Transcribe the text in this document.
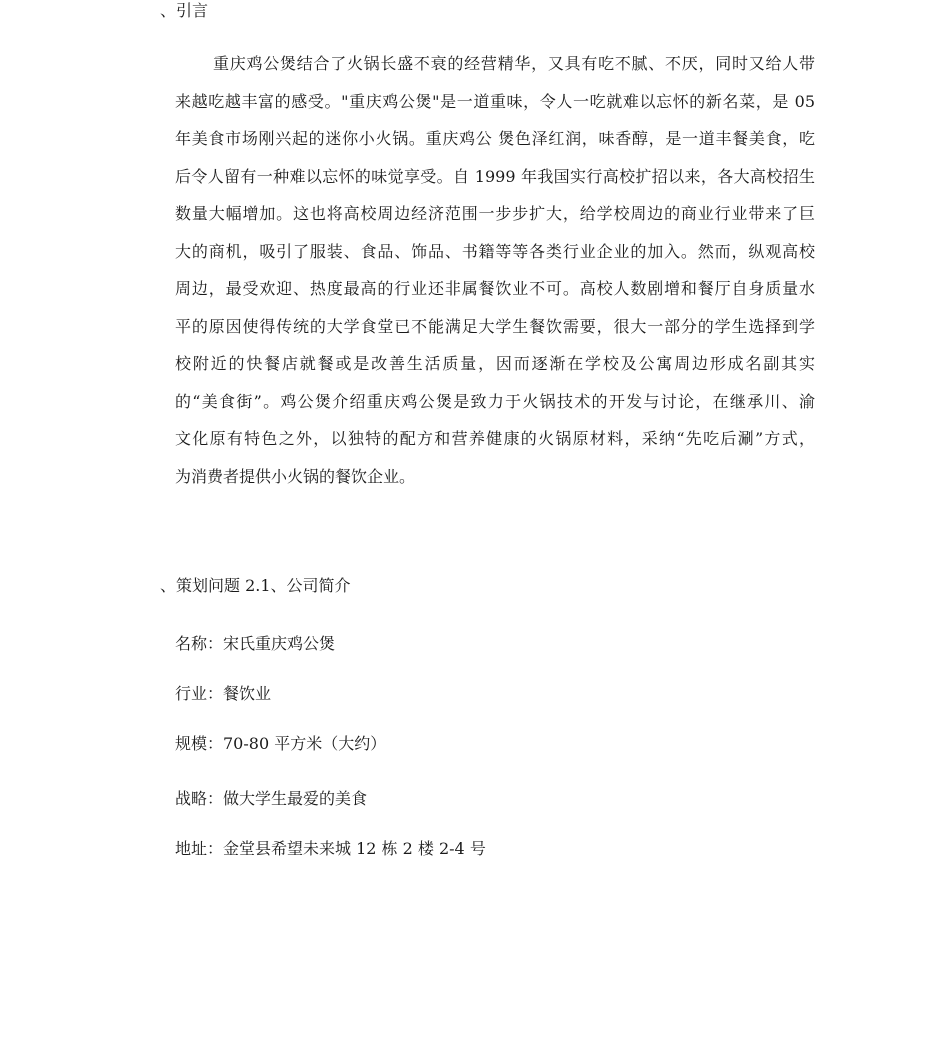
、引言
重庆鸡公煲结合了火锅长盛不衰的经营精华，又具有吃不腻、不厌，同时又给人带
来越吃越丰富的感受。"重庆鸡公煲"是一道重味，令人一吃就难以忘怀的新名菜，是 05
年美食市场刚兴起的迷你小火锅。重庆鸡公 煲色泽红润，味香醇，是一道丰餐美食，吃
后令人留有一种难以忘怀的味觉享受。自 1999 年我国实行高校扩招以来，各大高校招生
数量大幅增加。这也将高校周边经济范围一步步扩大，给学校周边的商业行业带来了巨
大的商机，吸引了服装、食品、饰品、书籍等等各类行业企业的加入。然而，纵观高校
周边，最受欢迎、热度最高的行业还非属餐饮业不可。高校人数剧增和餐厅自身质量水
平的原因使得传统的大学食堂已不能满足大学生餐饮需要，很大一部分的学生选择到学
校附近的快餐店就餐或是改善生活质量，因而逐渐在学校及公寓周边形成名副其实
的“美食街”。鸡公煲介绍重庆鸡公煲是致力于火锅技术的开发与讨论，在继承川、渝
文化原有特色之外，以独特的配方和营养健康的火锅原材料，采纳“先吃后涮”方式，
为消费者提供小火锅的餐饮企业。
、策划问题 2.1、公司简介
名称：宋氏重庆鸡公煲
行业：餐饮业
规模：70-80 平方米（大约）
战略：做大学生最爱的美食
地址：金堂县希望未来城 12 栋 2 楼 2-4 号
